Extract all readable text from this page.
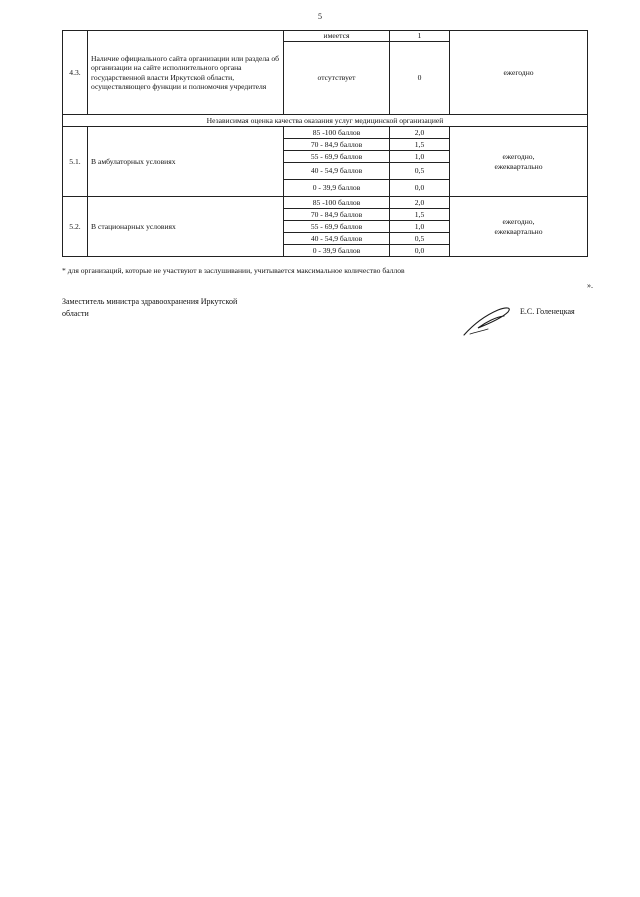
5
4.3.	Наличие официального сайта организации или раздела об организации на сайте исполнительного органа государственной власти Иркутской области, осуществляющего функции и полномочия учредителя	имеется	1	ежегодно
		отсутствует	0	
Независимая оценка качества оказания услуг медицинской организацией				
5.1.	В амбулаторных условиях	85 -100 баллов	2,0	ежегодно, ежеквартально
		70 - 84,9 баллов	1,5	
		55 - 69,9 баллов	1,0	
		40 - 54,9 баллов	0,5	
		0 - 39,9 баллов	0,0	
5.2.	В стационарных условиях	85 -100 баллов	2,0	ежегодно, ежеквартально
		70 - 84,9 баллов	1,5	
		55 - 69,9 баллов	1,0	
		40 - 54,9 баллов	0,5	
		0 - 39,9 баллов	0,0	
* для организаций, которые не участвуют в заслушивании, учитывается максимальное количество баллов
».
Заместитель министра здравоохранения Иркутской
области	Е.С. Голенецкая
